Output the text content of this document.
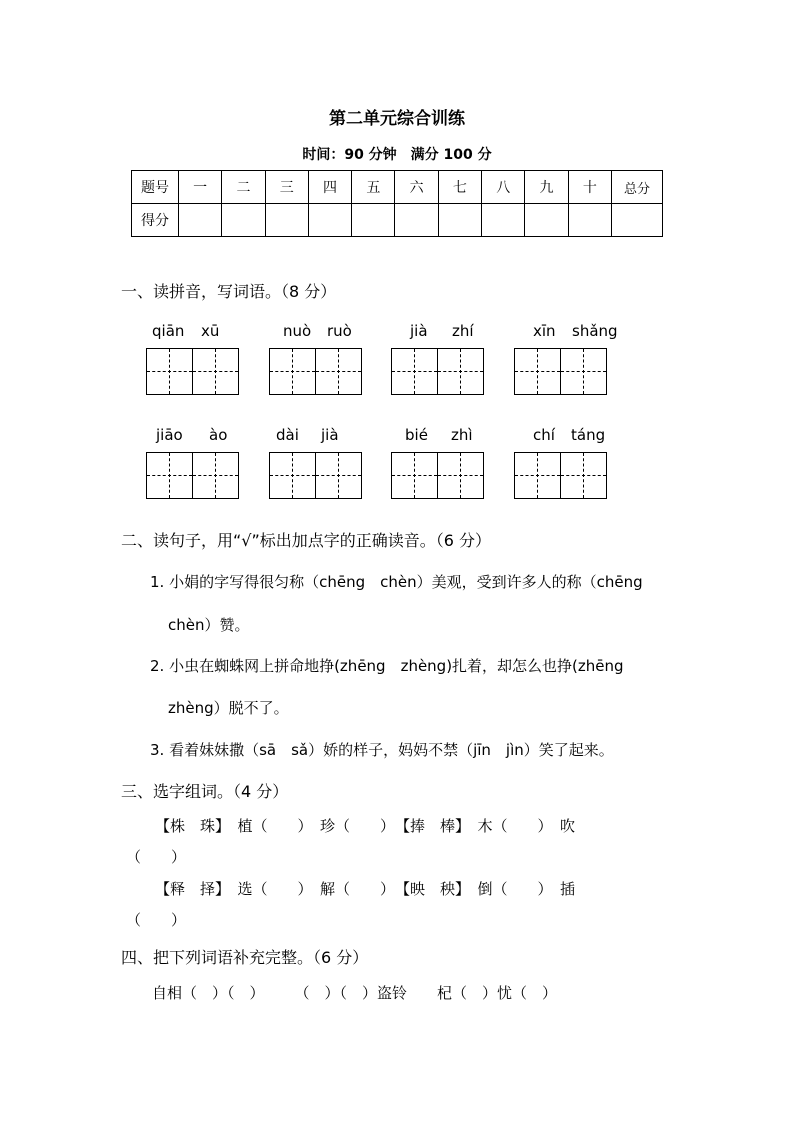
第二单元综合训练
时间：90 分钟　满分 100 分
题号	一	二	三	四	五	六	七	八	九	十	总分
得分											
一、读拼音，写词语。（8 分）
qiān xū	nuò ruò	jià zhí	xīn shǎng
jiāo ào	dài jià	bié zhì	chí táng
二、读句子，用“√”标出加点字的正确读音。（6 分）
1. 小娟的字写得很匀称（chēng　chèn）美观，受到许多人的称（chēng
chèn）赞。
2. 小虫在蜘蛛网上拼命地挣(zhēng　zhèng)扎着，却怎么也挣(zhēng
zhèng）脱不了。
3. 看着妹妹撒（sā　sǎ）娇的样子，妈妈不禁（jīn　jìn）笑了起来。
三、选字组词。（4 分）
【株　珠】　植（　　）　珍（　　）　【捧　棒】　木（　　）　吹
（　　）
【释　择】　选（　　）　解（　　）　【映　秧】　倒（　　）　插
（　　）
四、把下列词语补充完整。（6 分）
自相（　）（　）　　　（　）（　）盗铃　　杞（　）忧（　）
